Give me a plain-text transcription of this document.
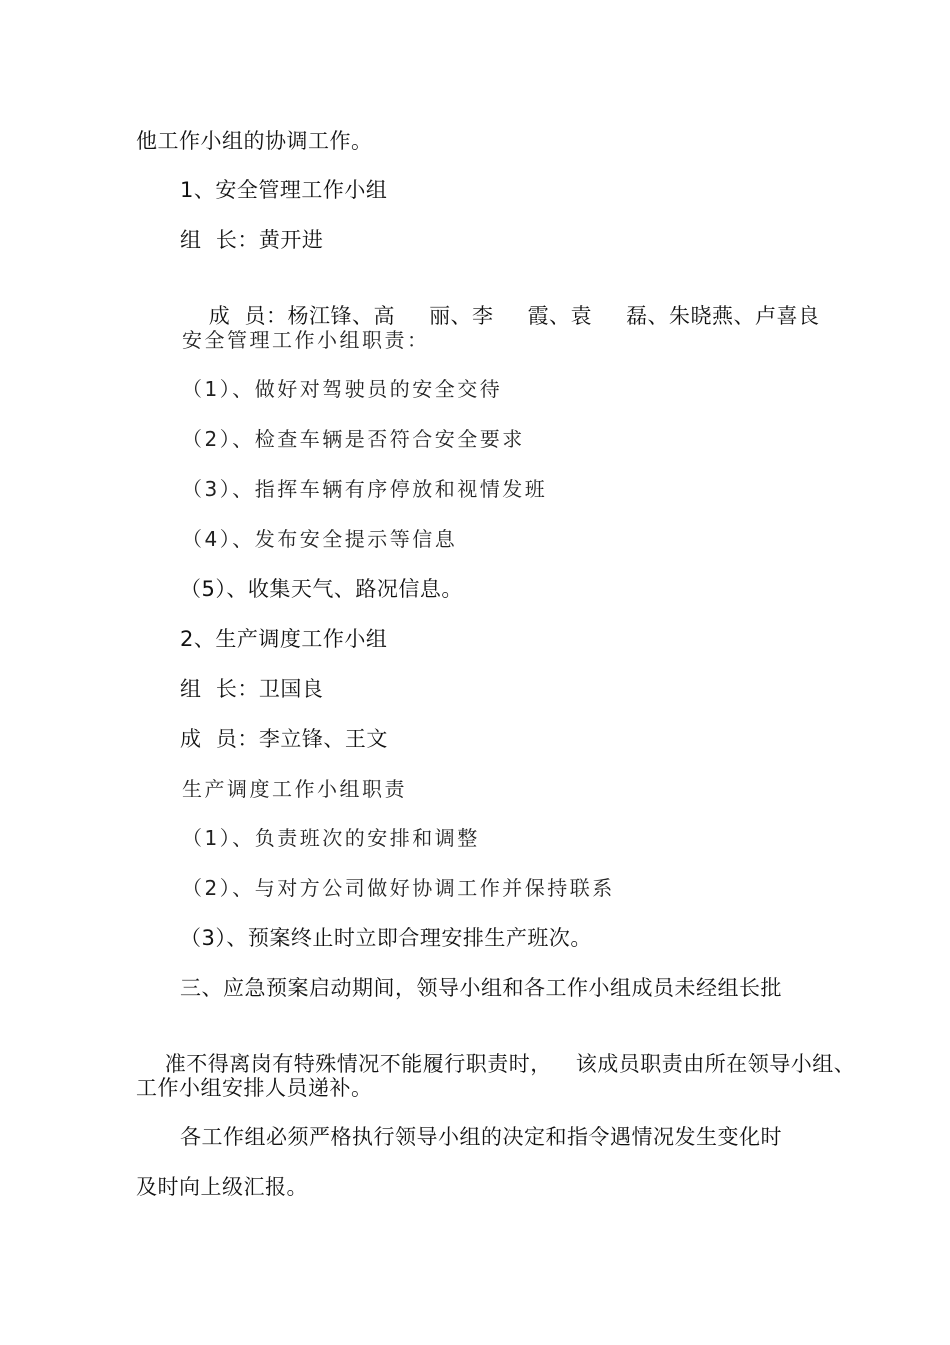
他工作小组的协调工作。
1、安全管理工作小组
组  长：黄开进

成  员：杨江锋、高 丽、李 霞、袁 磊、朱晓燕、卢喜良

安全管理工作小组职责：
（1）、做好对驾驶员的安全交待
（2）、检查车辆是否符合安全要求
（3）、指挥车辆有序停放和视情发班
（4）、发布安全提示等信息
（5）、收集天气、路况信息。
2、生产调度工作小组
组  长：卫国良
成  员：李立锋、王文
生产调度工作小组职责
（1）、负责班次的安排和调整
（2）、与对方公司做好协调工作并保持联系
（3）、预案终止时立即合理安排生产班次。
三、应急预案启动期间，领导小组和各工作小组成员未经组长批

准不得离岗有特殊情况不能履行职责时， 该成员职责由所在领导小组、

工作小组安排人员递补。
各工作组必须严格执行领导小组的决定和指令遇情况发生变化时
及时向上级汇报。
